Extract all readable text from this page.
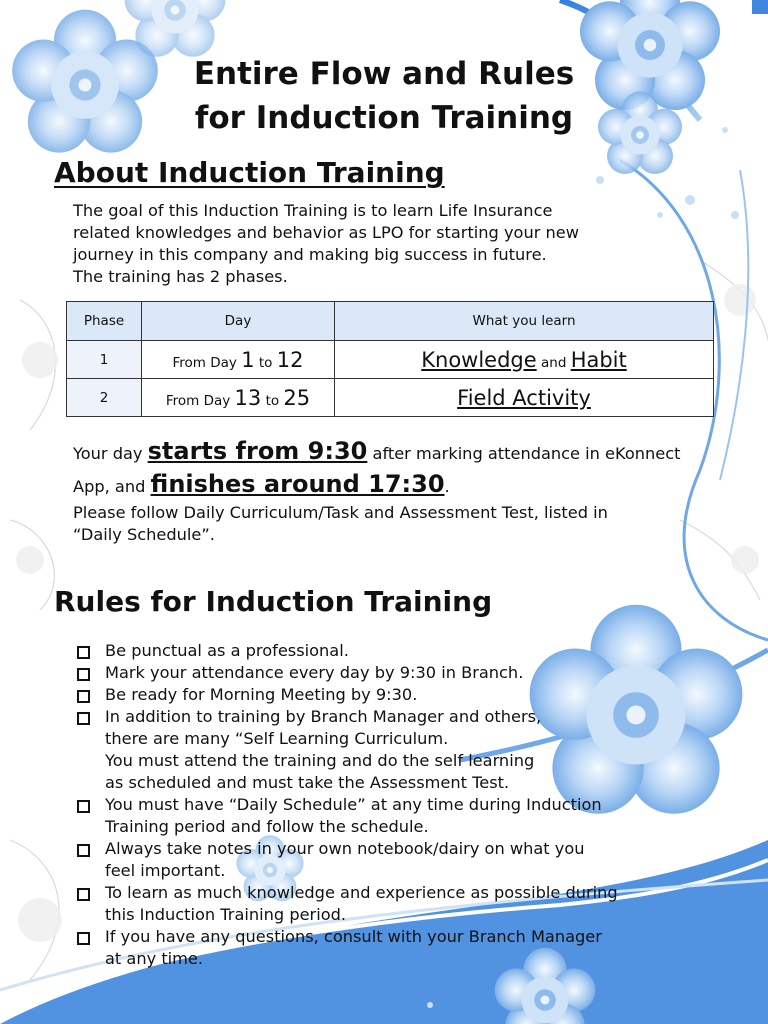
Entire Flow and Rules
for Induction Training
About Induction Training

The goal of this Induction Training is to learn Life Insurance

related knowledges and behavior as LPO for starting your new

journey in this company and making big success in future.

The training has 2 phases.

Phase	Day	What you learn
1	From Day 1 to 12	Knowledge and Habit
2	From Day 13 to 25	Field Activity

Your day starts from 9:30 after marking attendance in eKonnect

App, and finishes around 17:30.

Please follow Daily Curriculum/Task and Assessment Test, listed in

“Daily Schedule”.

Rules for Induction Training
Be punctual as a professional.
Mark your attendance every day by 9:30 in Branch.
Be ready for Morning Meeting by 9:30.
In addition to training by Branch Manager and others,
there are many “Self Learning Curriculum.
You must attend the training and do the self learning
as scheduled and must take the Assessment Test.
You must have “Daily Schedule” at any time during Induction
Training period and follow the schedule.
Always take notes in your own notebook/dairy on what you
feel important.
To learn as much knowledge and experience as possible during
this Induction Training period.
If you have any questions, consult with your Branch Manager
at any time.
